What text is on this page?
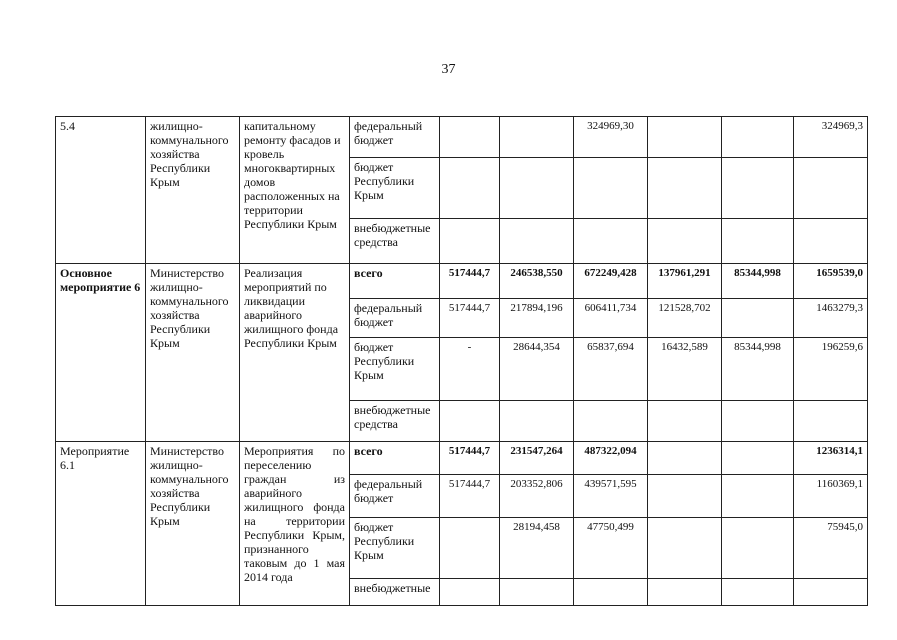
37
5.4	жилищно-коммунального хозяйства Республики Крым	капитальному ремонту фасадов и кровель многоквартирных домов расположенных на территории Республики Крым	федеральный бюджет			324969,30			324969,3
			бюджет Республики Крым						
			внебюджетные средства						
Основное мероприятие 6	Министерство жилищно-коммунального хозяйства Республики Крым	Реализация мероприятий по ликвидации аварийного жилищного фонда Республики Крым	всего	517444,7	246538,550	672249,428	137961,291	85344,998	1659539,0
			федеральный бюджет	517444,7	217894,196	606411,734	121528,702		1463279,3
			бюджет Республики Крым	-	28644,354	65837,694	16432,589	85344,998	196259,6
			внебюджетные средства						
Мероприятие 6.1	Министерство жилищно-коммунального хозяйства Республики Крым	Мероприятия по переселению граждан из аварийного жилищного фонда на территории Республики Крым, признанного таковым до 1 мая 2014 года	всего	517444,7	231547,264	487322,094			1236314,1
			федеральный бюджет	517444,7	203352,806	439571,595			1160369,1
			бюджет Республики Крым		28194,458	47750,499			75945,0
			внебюджетные						
